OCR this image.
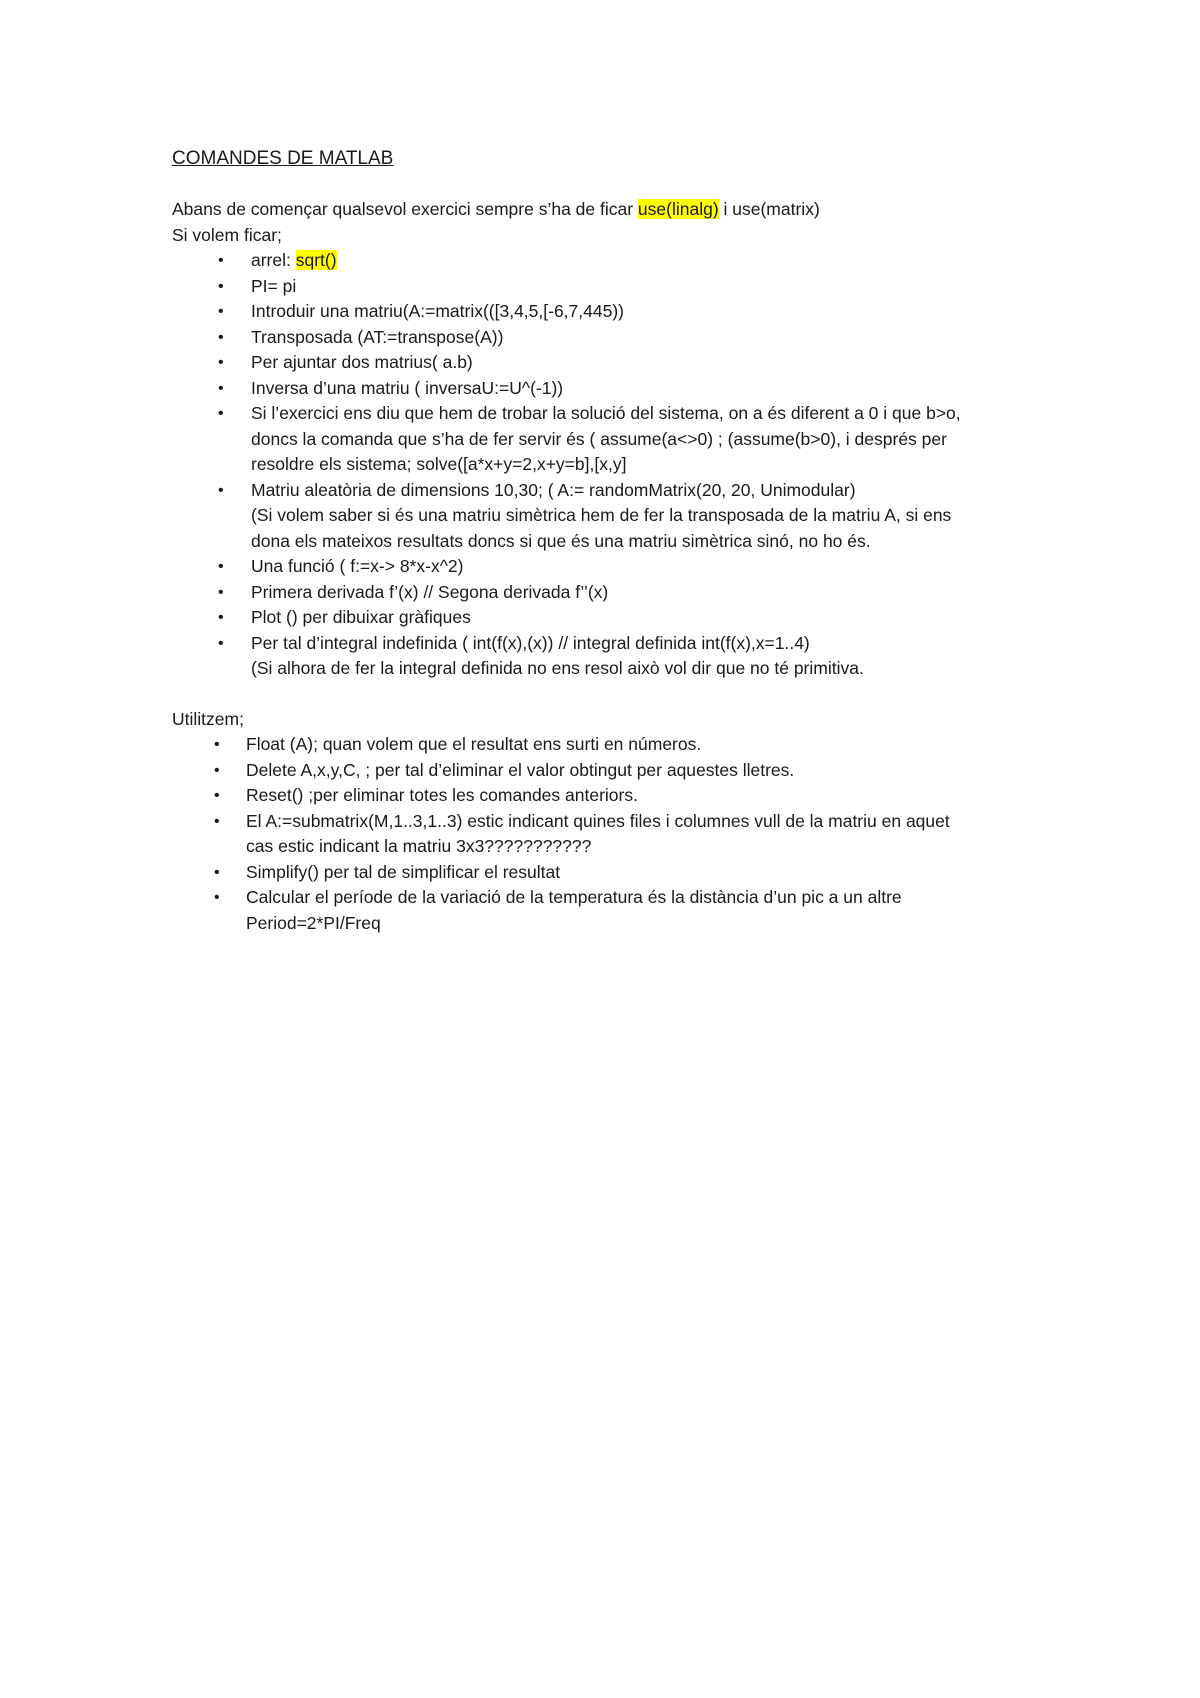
COMANDES DE MATLAB

Abans de començar qualsevol exercici sempre s’ha de ficar use(linalg) i use(matrix)

Si volem ficar;

• arrel: sqrt()
• PI= pi
• Introduir una matriu(A:=matrix(([3,4,5,[-6,7,445))
• Transposada (AT:=transpose(A))
• Per ajuntar dos matrius( a.b)
• Inversa d’una matriu ( inversaU:=U^(-1))
• Si l’exercici ens diu que hem de trobar la solució del sistema, on a és diferent a 0 i que b>o,
doncs la comanda que s’ha de fer servir és ( assume(a<>0) ; (assume(b>0), i després per
resoldre els sistema; solve([a*x+y=2,x+y=b],[x,y]
• Matriu aleatòria de dimensions 10,30; ( A:= randomMatrix(20, 20, Unimodular)
(Si volem saber si és una matriu simètrica hem de fer la transposada de la matriu A, si ens
dona els mateixos resultats doncs si que és una matriu simètrica sinó, no ho és.
• Una funció ( f:=x-> 8*x-x^2)
• Primera derivada f’(x) // Segona derivada f’’(x)
• Plot () per dibuixar gràfiques
• Per tal d’integral indefinida ( int(f(x),(x)) // integral definida int(f(x),x=1..4)
(Si alhora de fer la integral definida no ens resol això vol dir que no té primitiva.

Utilitzem;

• Float (A); quan volem que el resultat ens surti en números.
• Delete A,x,y,C, ; per tal d’eliminar el valor obtingut per aquestes lletres.
• Reset() ;per eliminar totes les comandes anteriors.
• El A:=submatrix(M,1..3,1..3) estic indicant quines files i columnes vull de la matriu en aquet
cas estic indicant la matriu 3x3???????????
• Simplify() per tal de simplificar el resultat
• Calcular el període de la variació de la temperatura és la distància d’un pic a un altre
Period=2*PI/Freq
